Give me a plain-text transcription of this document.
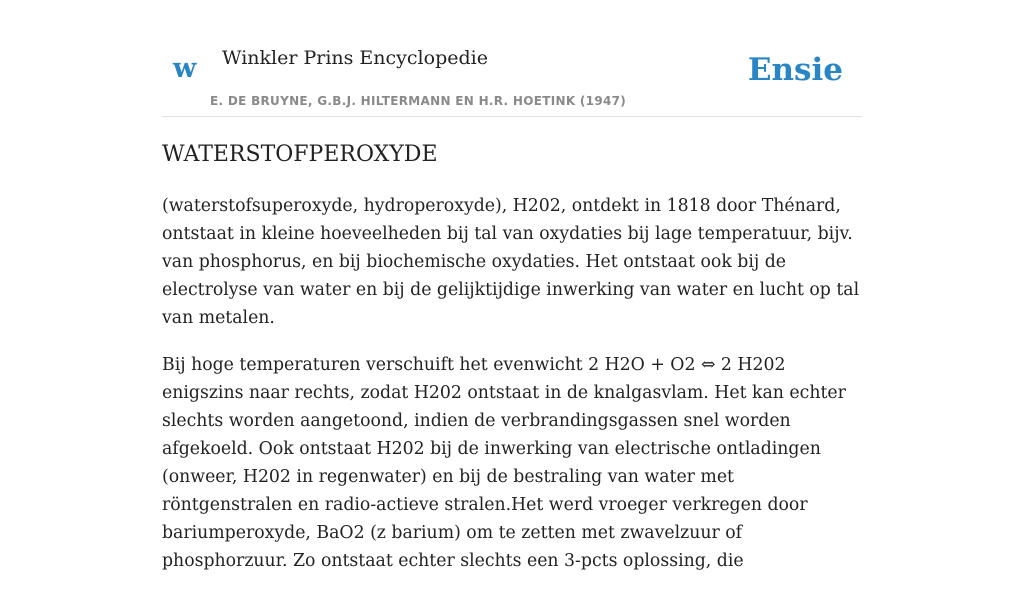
w Winkler Prins Encyclopedie
E. DE BRUYNE, G.B.J. HILTERMANN EN H.R. HOETINK (1947)
Ensie
WATERSTOFPEROXYDE

(waterstofsuperoxyde, hydroperoxyde), H202, ontdekt in 1818 door Thénard, ontstaat in kleine hoeveelheden bij tal van oxydaties bij lage temperatuur, bijv. van phosphorus, en bij biochemische oxydaties. Het ontstaat ook bij de electrolyse van water en bij de gelijktijdige inwerking van water en lucht op tal van metalen.

Bij hoge temperaturen verschuift het evenwicht 2 H2O + O2 ⇔ 2 H202 enigszins naar rechts, zodat H202 ontstaat in de knalgasvlam. Het kan echter slechts worden aangetoond, indien de verbrandingsgassen snel worden afgekoeld. Ook ontstaat H202 bij de inwerking van electrische ontladingen (onweer, H202 in regenwater) en bij de bestraling van water met röntgenstralen en radio-actieve stralen.Het werd vroeger verkregen door bariumperoxyde, BaO2 (z barium) om te zetten met zwavelzuur of phosphorzuur. Zo ontstaat echter slechts een 3-pcts oplossing, die
